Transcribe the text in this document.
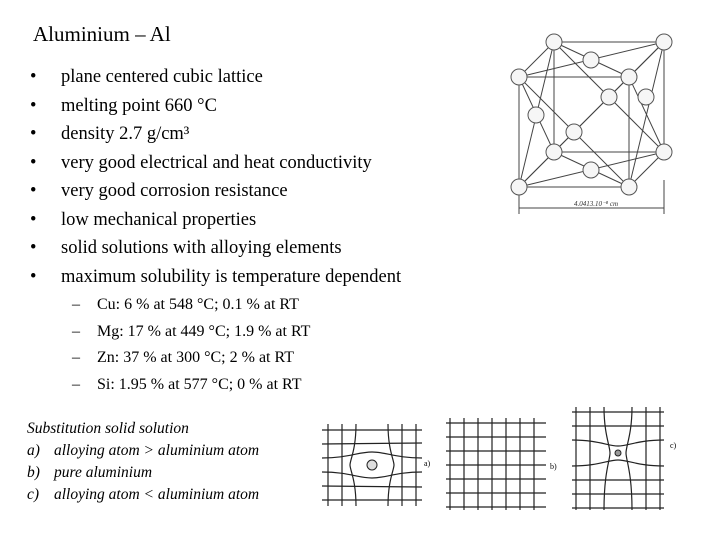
Aluminium – Al
• plane centered cubic lattice
• melting point 660 °C
• density 2.7 g/cm³
• very good electrical and heat conductivity
• very good corrosion resistance
• low mechanical properties
• solid solutions with alloying elements
• maximum solubility is temperature dependent
– Cu: 6 % at 548 °C; 0.1 % at RT
– Mg: 17 % at 449 °C; 1.9 % at RT
– Zn: 37 % at 300 °C; 2 % at RT
– Si: 1.95 % at 577 °C; 0 % at RT
Substitution solid solution
a) alloying atom > aluminium atom
b) pure aluminium
c) alloying atom < aluminium atom
4.0413.10⁻⁸ cm
a)	b)
c)
